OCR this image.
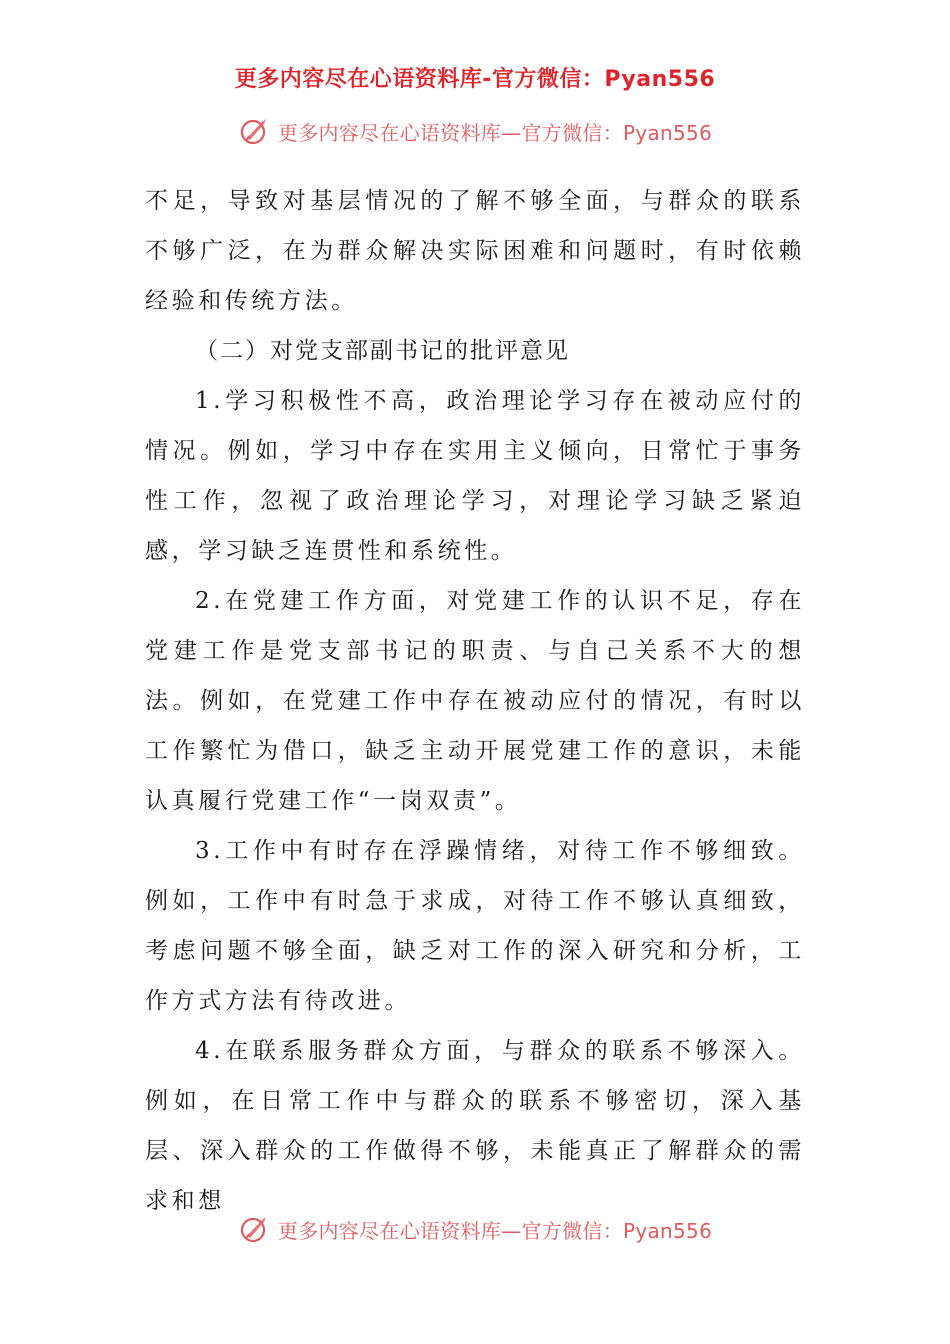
更多内容尽在心语资料库-官方微信：Pyan556
更多内容尽在心语资料库—官方微信：Pyan556

不足，导致对基层情况的了解不够全面，与群众的联系不够广泛，在为群众解决实际困难和问题时，有时依赖经验和传统方法。

（二）对党支部副书记的批评意见

1.学习积极性不高，政治理论学习存在被动应付的情况。例如，学习中存在实用主义倾向，日常忙于事务性工作，忽视了政治理论学习，对理论学习缺乏紧迫感，学习缺乏连贯性和系统性。

2.在党建工作方面，对党建工作的认识不足，存在党建工作是党支部书记的职责、与自己关系不大的想法。例如，在党建工作中存在被动应付的情况，有时以工作繁忙为借口，缺乏主动开展党建工作的意识，未能认真履行党建工作“一岗双责”。

3.工作中有时存在浮躁情绪，对待工作不够细致。例如，工作中有时急于求成，对待工作不够认真细致，考虑问题不够全面，缺乏对工作的深入研究和分析，工作方式方法有待改进。

4.在联系服务群众方面，与群众的联系不够深入。例如，在日常工作中与群众的联系不够密切，深入基层、深入群众的工作做得不够，未能真正了解群众的需求和想

更多内容尽在心语资料库—官方微信：Pyan556
